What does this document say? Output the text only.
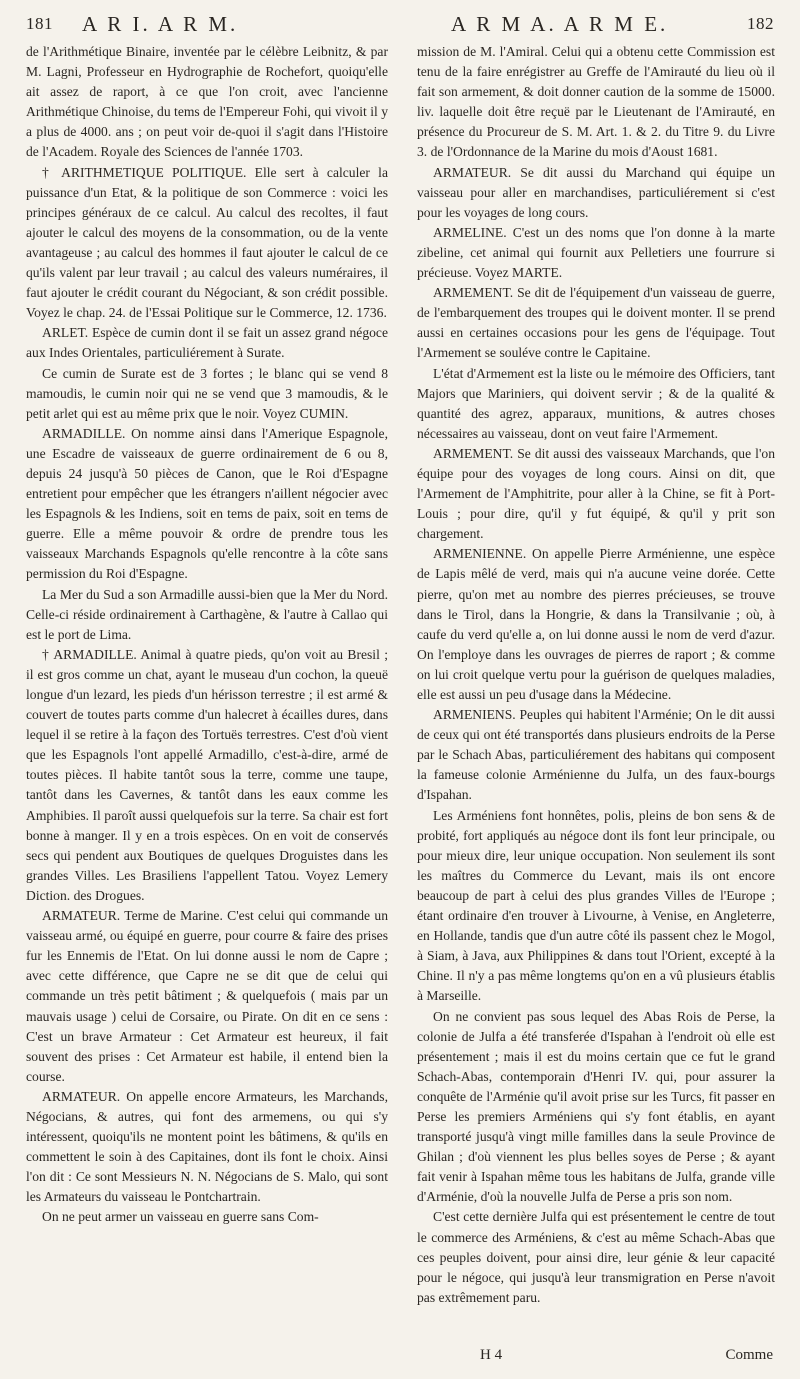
181 A R I. A R M.	A R M A. A R M E.	182

de l'Arithmétique Binaire, inventée par le célèbre Leibnitz, & par M. Lagni, Professeur en Hydrographie de Rochefort, quoiqu'elle ait assez de raport, à ce que l'on croit, avec l'ancienne Arithmétique Chinoise, du tems de l'Empereur Fohi, qui vivoit il y a plus de 4000. ans ; on peut voir de-quoi il s'agit dans l'Histoire de l'Academ. Royale des Sciences de l'année 1703.

† ARITHMETIQUE POLITIQUE. Elle sert à calculer la puissance d'un Etat, & la politique de son Commerce : voici les principes généraux de ce calcul. Au calcul des recoltes, il faut ajouter le calcul des moyens de la consommation, ou de la vente avantageuse ; au calcul des hommes il faut ajouter le calcul de ce qu'ils valent par leur travail ; au calcul des valeurs numéraires, il faut ajouter le crédit courant du Négociant, & son crédit possible. Voyez le chap. 24. de l'Essai Politique sur le Commerce, 12. 1736.

ARLET. Espèce de cumin dont il se fait un assez grand négoce aux Indes Orientales, particuliérement à Surate.

Ce cumin de Surate est de 3 fortes ; le blanc qui se vend 8 mamoudis, le cumin noir qui ne se vend que 3 mamoudis, & le petit arlet qui est au même prix que le noir. Voyez CUMIN.

ARMADILLE. On nomme ainsi dans l'Amerique Espagnole, une Escadre de vaisseaux de guerre ordinairement de 6 ou 8, depuis 24 jusqu'à 50 pièces de Canon, que le Roi d'Espagne entretient pour empêcher que les étrangers n'aillent négocier avec les Espagnols & les Indiens, soit en tems de paix, soit en tems de guerre. Elle a même pouvoir & ordre de prendre tous les vaisseaux Marchands Espagnols qu'elle rencontre à la côte sans permission du Roi d'Espagne.

La Mer du Sud a son Armadille aussi-bien que la Mer du Nord. Celle-ci réside ordinairement à Carthagène, & l'autre à Callao qui est le port de Lima.

† ARMADILLE. Animal à quatre pieds, qu'on voit au Bresil ; il est gros comme un chat, ayant le museau d'un cochon, la queuë longue d'un lezard, les pieds d'un hérisson terrestre ; il est armé & couvert de toutes parts comme d'un halecret à écailles dures, dans lequel il se retire à la façon des Tortuës terrestres. C'est d'où vient que les Espagnols l'ont appellé Armadillo, c'est-à-dire, armé de toutes pièces. Il habite tantôt sous la terre, comme une taupe, tantôt dans les Cavernes, & tantôt dans les eaux comme les Amphibies. Il paroît aussi quelquefois sur la terre. Sa chair est fort bonne à manger. Il y en a trois espèces. On en voit de conservés secs qui pendent aux Boutiques de quelques Droguistes dans les grandes Villes. Les Brasiliens l'appellent Tatou. Voyez Lemery Diction. des Drogues.

ARMATEUR. Terme de Marine. C'est celui qui commande un vaisseau armé, ou équipé en guerre, pour courre & faire des prises fur les Ennemis de l'Etat. On lui donne aussi le nom de Capre ; avec cette différence, que Capre ne se dit que de celui qui commande un très petit bâtiment ; & quelquefois ( mais par un mauvais usage ) celui de Corsaire, ou Pirate. On dit en ce sens : C'est un brave Armateur : Cet Armateur est heureux, il fait souvent des prises : Cet Armateur est habile, il entend bien la course.

ARMATEUR. On appelle encore Armateurs, les Marchands, Négocians, & autres, qui font des armemens, ou qui s'y intéressent, quoiqu'ils ne montent point les bâtimens, & qu'ils en commettent le soin à des Capitaines, dont ils font le choix. Ainsi l'on dit : Ce sont Messieurs N. N. Négocians de S. Malo, qui sont les Armateurs du vaisseau le Pontchartrain.

On ne peut armer un vaisseau en guerre sans Com-

mission de M. l'Amiral. Celui qui a obtenu cette Commission est tenu de la faire enrégistrer au Greffe de l'Amirauté du lieu où il fait son armement, & doit donner caution de la somme de 15000. liv. laquelle doit être reçuë par le Lieutenant de l'Amirauté, en présence du Procureur de S. M. Art. 1. & 2. du Titre 9. du Livre 3. de l'Ordonnance de la Marine du mois d'Aoust 1681.

ARMATEUR. Se dit aussi du Marchand qui équipe un vaisseau pour aller en marchandises, particuliérement si c'est pour les voyages de long cours.

ARMELINE. C'est un des noms que l'on donne à la marte zibeline, cet animal qui fournit aux Pelletiers une fourrure si précieuse. Voyez MARTE.

ARMEMENT. Se dit de l'équipement d'un vaisseau de guerre, de l'embarquement des troupes qui le doivent monter. Il se prend aussi en certaines occasions pour les gens de l'équipage. Tout l'Armement se souléve contre le Capitaine.

L'état d'Armement est la liste ou le mémoire des Officiers, tant Majors que Mariniers, qui doivent servir ; & de la qualité & quantité des agrez, apparaux, munitions, & autres choses nécessaires au vaisseau, dont on veut faire l'Armement.

ARMEMENT. Se dit aussi des vaisseaux Marchands, que l'on équipe pour des voyages de long cours. Ainsi on dit, que l'Armement de l'Amphitrite, pour aller à la Chine, se fit à Port-Louis ; pour dire, qu'il y fut équipé, & qu'il y prit son chargement.

ARMENIENNE. On appelle Pierre Arménienne, une espèce de Lapis mêlé de verd, mais qui n'a aucune veine dorée. Cette pierre, qu'on met au nombre des pierres précieuses, se trouve dans le Tirol, dans la Hongrie, & dans la Transilvanie ; où, à caufe du verd qu'elle a, on lui donne aussi le nom de verd d'azur. On l'employe dans les ouvrages de pierres de raport ; & comme on lui croit quelque vertu pour la guérison de quelques maladies, elle est aussi un peu d'usage dans la Médecine.

ARMENIENS. Peuples qui habitent l'Arménie; On le dit aussi de ceux qui ont été transportés dans plusieurs endroits de la Perse par le Schach Abas, particuliérement des habitans qui composent la fameuse colonie Arménienne du Julfa, un des faux-bourgs d'Ispahan.

Les Arméniens font honnêtes, polis, pleins de bon sens & de probité, fort appliqués au négoce dont ils font leur principale, ou pour mieux dire, leur unique occupation. Non seulement ils sont les maîtres du Commerce du Levant, mais ils ont encore beaucoup de part à celui des plus grandes Villes de l'Europe ; étant ordinaire d'en trouver à Livourne, à Venise, en Angleterre, en Hollande, tandis que d'un autre côté ils passent chez le Mogol, à Siam, à Java, aux Philippines & dans tout l'Orient, excepté à la Chine. Il n'y a pas même longtems qu'on en a vû plusieurs établis à Marseille.

On ne convient pas sous lequel des Abas Rois de Perse, la colonie de Julfa a été transferée d'Ispahan à l'endroit où elle est présentement ; mais il est du moins certain que ce fut le grand Schach-Abas, contemporain d'Henri IV. qui, pour assurer la conquête de l'Arménie qu'il avoit prise sur les Turcs, fit passer en Perse les premiers Arméniens qui s'y font établis, en ayant transporté jusqu'à vingt mille familles dans la seule Province de Ghilan ; d'où viennent les plus belles soyes de Perse ; & ayant fait venir à Ispahan même tous les habitans de Julfa, grande ville d'Arménie, d'où la nouvelle Julfa de Perse a pris son nom.

C'est cette dernière Julfa qui est présentement le centre de tout le commerce des Arméniens, & c'est au même Schach-Abas que ces peuples doivent, pour ainsi dire, leur génie & leur capacité pour le négoce, qui jusqu'à leur transmigration en Perse n'avoit pas extrêmement paru.

H 4	Comme
